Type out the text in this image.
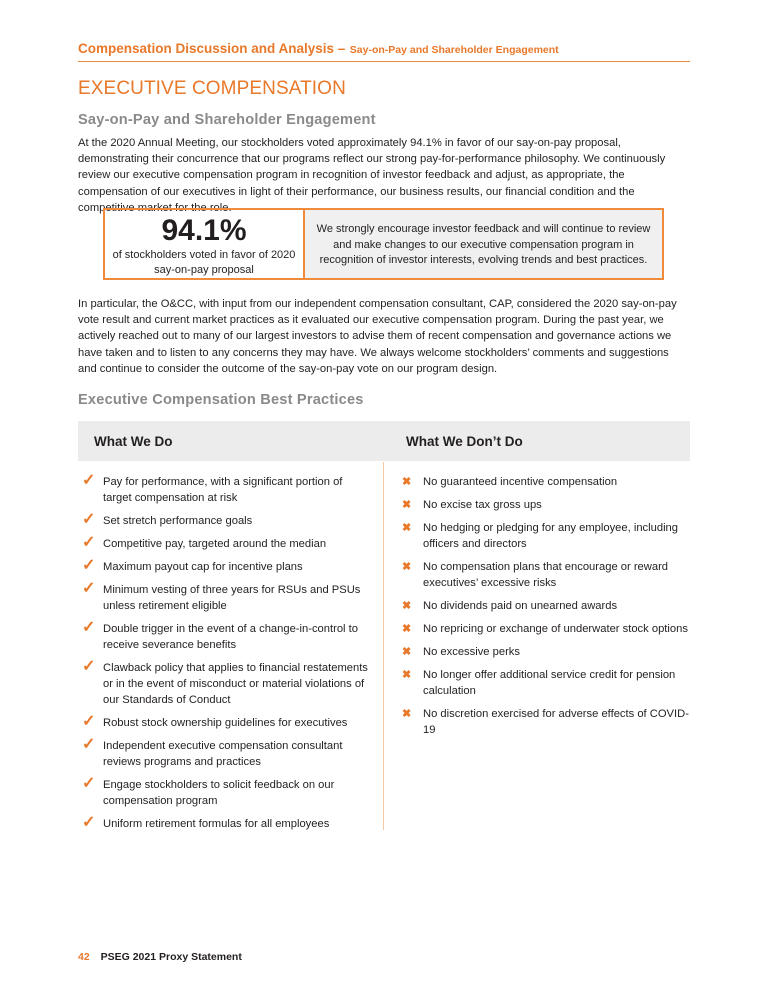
Compensation Discussion and Analysis – Say-on-Pay and Shareholder Engagement
EXECUTIVE COMPENSATION
Say-on-Pay and Shareholder Engagement
At the 2020 Annual Meeting, our stockholders voted approximately 94.1% in favor of our say-on-pay proposal, demonstrating their concurrence that our programs reflect our strong pay-for-performance philosophy. We continuously review our executive compensation program in recognition of investor feedback and adjust, as appropriate, the compensation of our executives in light of their performance, our business results, our financial condition and the competitive market for the role.
94.1%
of stockholders voted in favor of 2020 say-on-pay proposal
We strongly encourage investor feedback and will continue to review and make changes to our executive compensation program in recognition of investor interests, evolving trends and best practices.
In particular, the O&CC, with input from our independent compensation consultant, CAP, considered the 2020 say-on-pay vote result and current market practices as it evaluated our executive compensation program. During the past year, we actively reached out to many of our largest investors to advise them of recent compensation and governance actions we have taken and to listen to any concerns they may have. We always welcome stockholders’ comments and suggestions and continue to consider the outcome of the say-on-pay vote on our program design.
Executive Compensation Best Practices
What We Do	What We Don’t Do
✓ Pay for performance, with a significant portion of target compensation at risk
✓ Set stretch performance goals
✓ Competitive pay, targeted around the median
✓ Maximum payout cap for incentive plans
✓ Minimum vesting of three years for RSUs and PSUs unless retirement eligible
✓ Double trigger in the event of a change-in-control to receive severance benefits
✓ Clawback policy that applies to financial restatements or in the event of misconduct or material violations of our Standards of Conduct
✓ Robust stock ownership guidelines for executives
✓ Independent executive compensation consultant reviews programs and practices
✓ Engage stockholders to solicit feedback on our compensation program
✓ Uniform retirement formulas for all employees
✖ No guaranteed incentive compensation
✖ No excise tax gross ups
✖ No hedging or pledging for any employee, including officers and directors
✖ No compensation plans that encourage or reward executives’ excessive risks
✖ No dividends paid on unearned awards
✖ No repricing or exchange of underwater stock options
✖ No excessive perks
✖ No longer offer additional service credit for pension calculation
✖ No discretion exercised for adverse effects of COVID-19
42 PSEG 2021 Proxy Statement
